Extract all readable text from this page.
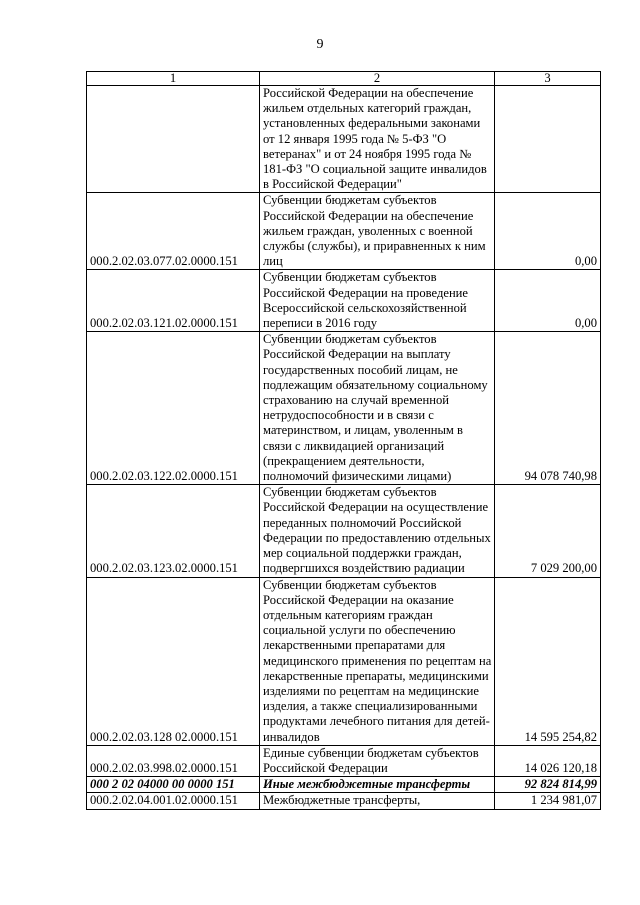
9
1	2	3
	Российской Федерации на обеспечение жильем отдельных категорий граждан, установленных федеральными законами от 12 января 1995 года № 5-ФЗ "О ветеранах" и от 24 ноября 1995 года № 181-ФЗ "О социальной защите инвалидов в Российской Федерации"	
000.2.02.03.077.02.0000.151	Субвенции бюджетам субъектов Российской Федерации на обеспечение жильем граждан, уволенных с военной службы (службы), и приравненных к ним лиц	0,00
000.2.02.03.121.02.0000.151	Субвенции бюджетам субъектов Российской Федерации на проведение Всероссийской сельскохозяйственной переписи в 2016 году	0,00
000.2.02.03.122.02.0000.151	Субвенции бюджетам субъектов Российской Федерации на выплату государственных пособий лицам, не подлежащим обязательному социальному страхованию на случай временной нетрудоспособности и в связи с материнством, и лицам, уволенным в связи с ликвидацией организаций (прекращением деятельности, полномочий физическими лицами)	94 078 740,98
000.2.02.03.123.02.0000.151	Субвенции бюджетам субъектов Российской Федерации на осуществление переданных полномочий Российской Федерации по предоставлению отдельных мер социальной поддержки граждан, подвергшихся воздействию радиации	7 029 200,00
000.2.02.03.128 02.0000.151	Субвенции бюджетам субъектов Российской Федерации на оказание отдельным категориям граждан социальной услуги по обеспечению лекарственными препаратами для медицинского применения по рецептам на лекарственные препараты, медицинскими изделиями по рецептам на медицинские изделия, а также специализированными продуктами лечебного питания для детей-инвалидов	14 595 254,82
000.2.02.03.998.02.0000.151	Единые субвенции бюджетам субъектов Российской Федерации	14 026 120,18
000 2 02 04000 00 0000 151	Иные межбюджетные трансферты	92 824 814,99
000.2.02.04.001.02.0000.151	Межбюджетные трансферты,	1 234 981,07
